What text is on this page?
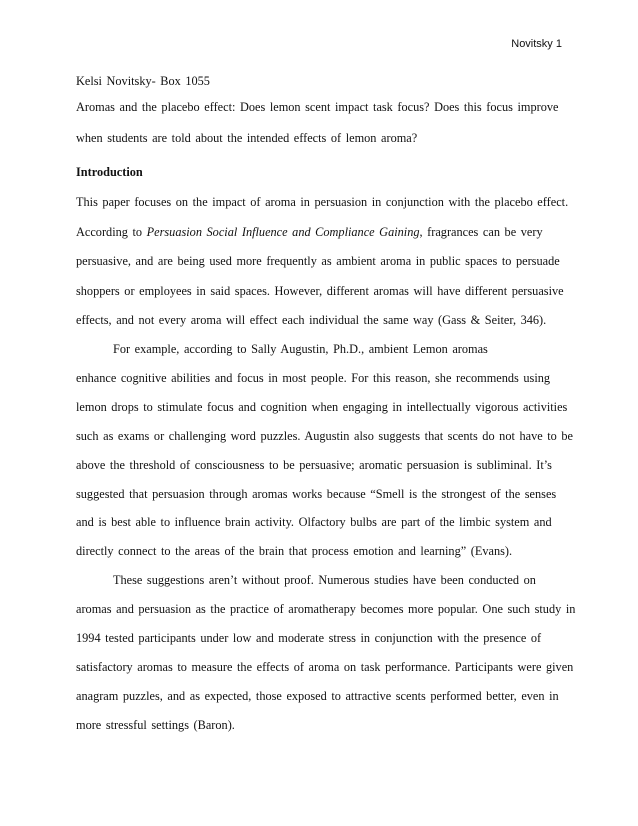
Novitsky 1
Kelsi Novitsky- Box 1055
Aromas and the placebo effect: Does lemon scent impact task focus? Does this focus improve
when students are told about the intended effects of lemon aroma?
Introduction
This paper focuses on the impact of aroma in persuasion in conjunction with the placebo effect.
According to Persuasion Social Influence and Compliance Gaining, fragrances can be very
persuasive, and are being used more frequently as ambient aroma in public spaces to persuade
shoppers or employees in said spaces. However, different aromas will have different persuasive
effects, and not every aroma will effect each individual the same way (Gass & Seiter, 346).
For example, according to Sally Augustin, Ph.D., ambient Lemon aromas
enhance cognitive abilities and focus in most people. For this reason, she recommends using
lemon drops to stimulate focus and cognition when engaging in intellectually vigorous activities
such as exams or challenging word puzzles. Augustin also suggests that scents do not have to be
above the threshold of consciousness to be persuasive; aromatic persuasion is subliminal. It’s
suggested that persuasion through aromas works because “Smell is the strongest of the senses
and is best able to influence brain activity. Olfactory bulbs are part of the limbic system and
directly connect to the areas of the brain that process emotion and learning” (Evans).
These suggestions aren’t without proof. Numerous studies have been conducted on
aromas and persuasion as the practice of aromatherapy becomes more popular. One such study in
1994 tested participants under low and moderate stress in conjunction with the presence of
satisfactory aromas to measure the effects of aroma on task performance. Participants were given
anagram puzzles, and as expected, those exposed to attractive scents performed better, even in
more stressful settings (Baron).
